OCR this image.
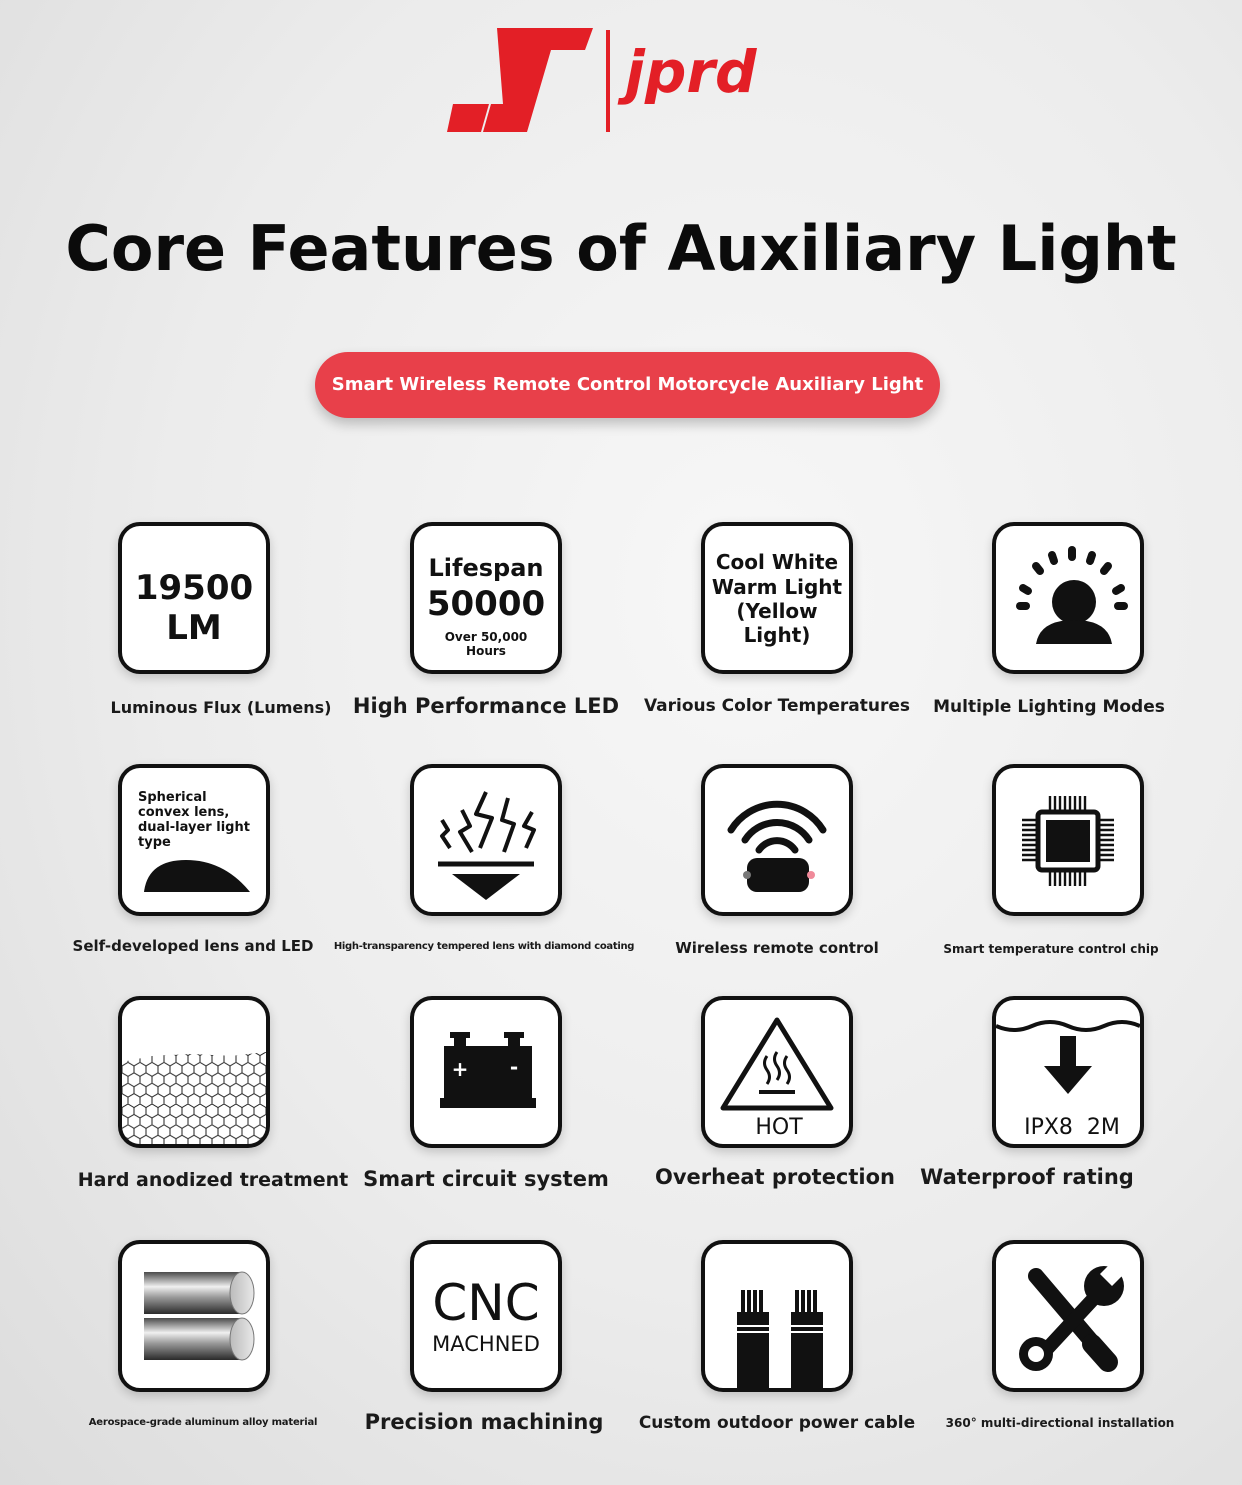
jprd
Core Features of Auxiliary Light
Smart Wireless Remote Control Motorcycle Auxiliary Light
19500
LM
Luminous Flux (Lumens)
Lifespan
50000
Over 50,000
Hours
High Performance LED
Cool White
Warm Light
(Yellow
Light)
Various Color Temperatures	Multiple Lighting Modes
Spherical
convex lens,
dual-layer light
type
Self-developed lens and LED	High-transparency tempered lens with diamond coating	Wireless remote control	Smart temperature control chip
Hard anodized treatment
+ -
Smart circuit system
HOT
Overheat protection
IPX8  2M
Waterproof rating
Aerospace-grade aluminum alloy material
CNC
MACHNED
Precision machining	Custom outdoor power cable	360° multi-directional installation
